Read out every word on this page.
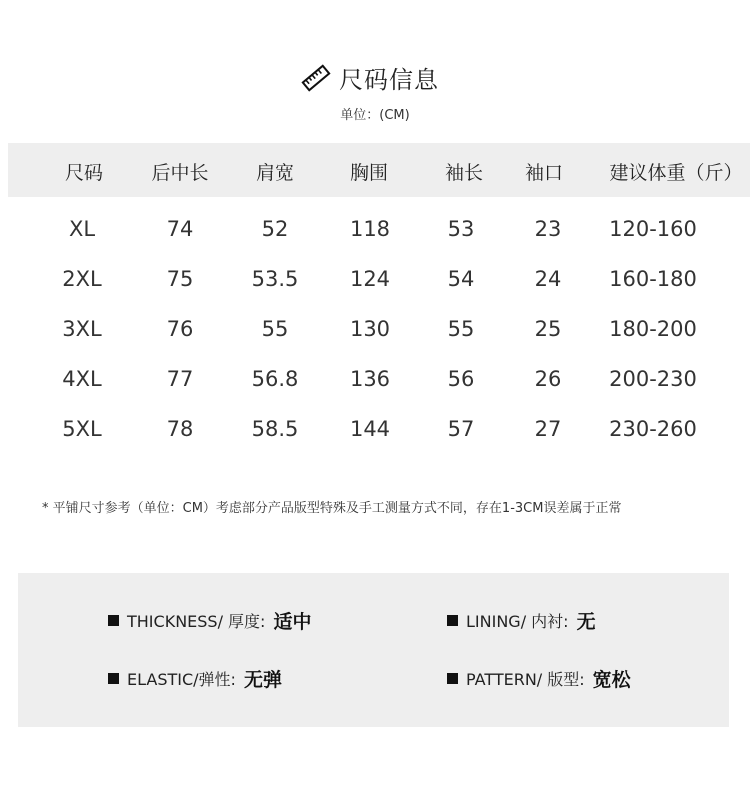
尺码信息
单位：(CM)
尺码	后中长 肩宽	胸围	袖长 袖口 建议体重（斤）
XL	74	52	118	53	23 120-160
2XL	75	53.5 124	54	24 160-180
3XL	76	55	130	55	25 180-200
4XL	77	56.8 136	56	26 200-230
5XL	78	58.5 144	57	27 230-260
* 平铺尺寸参考（单位：CM）考虑部分产品版型特殊及手工测量方式不同，存在1-3CM误差属于正常
THICKNESS/ 厚度: 适中	LINING/ 内衬: 无
ELASTIC/弹性: 无弹	PATTERN/ 版型: 宽松
